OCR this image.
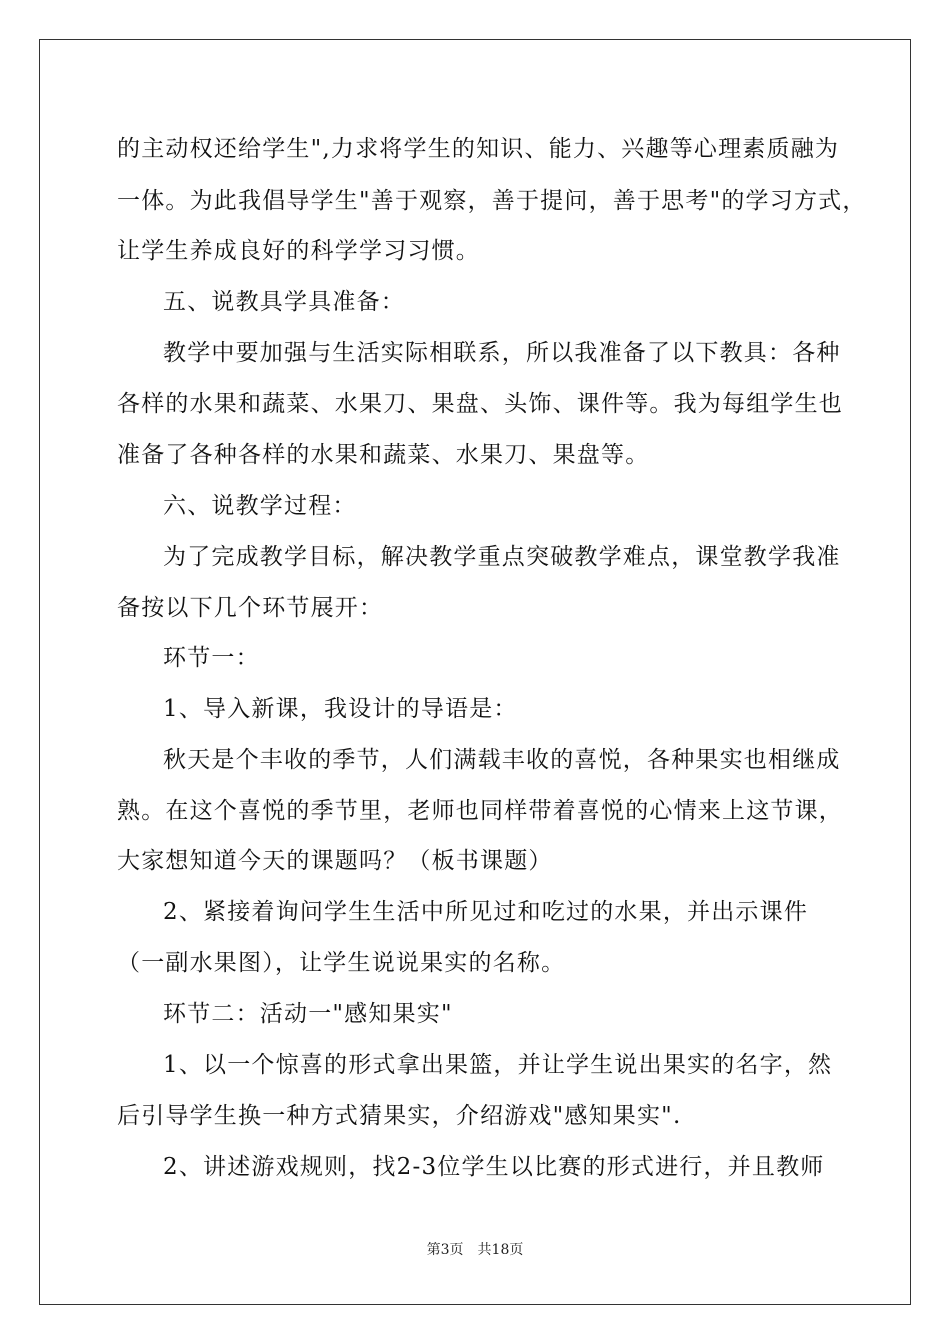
的主动权还给学生",力求将学生的知识、能力、兴趣等心理素质融为
一体。为此我倡导学生"善于观察，善于提问，善于思考"的学习方式，
让学生养成良好的科学学习习惯。
五、说教具学具准备：
教学中要加强与生活实际相联系，所以我准备了以下教具：各种
各样的水果和蔬菜、水果刀、果盘、头饰、课件等。我为每组学生也
准备了各种各样的水果和蔬菜、水果刀、果盘等。
六、说教学过程：
为了完成教学目标，解决教学重点突破教学难点，课堂教学我准
备按以下几个环节展开：
环节一：
1、导入新课，我设计的导语是：
秋天是个丰收的季节，人们满载丰收的喜悦，各种果实也相继成
熟。在这个喜悦的季节里，老师也同样带着喜悦的心情来上这节课，
大家想知道今天的课题吗？（板书课题）
2、紧接着询问学生生活中所见过和吃过的水果，并出示课件
（一副水果图），让学生说说果实的名称。
环节二：活动一"感知果实"
1、以一个惊喜的形式拿出果篮，并让学生说出果实的名字，然
后引导学生换一种方式猜果实，介绍游戏"感知果实".
2、讲述游戏规则，找2-3位学生以比赛的形式进行，并且教师
第3页　共18页
